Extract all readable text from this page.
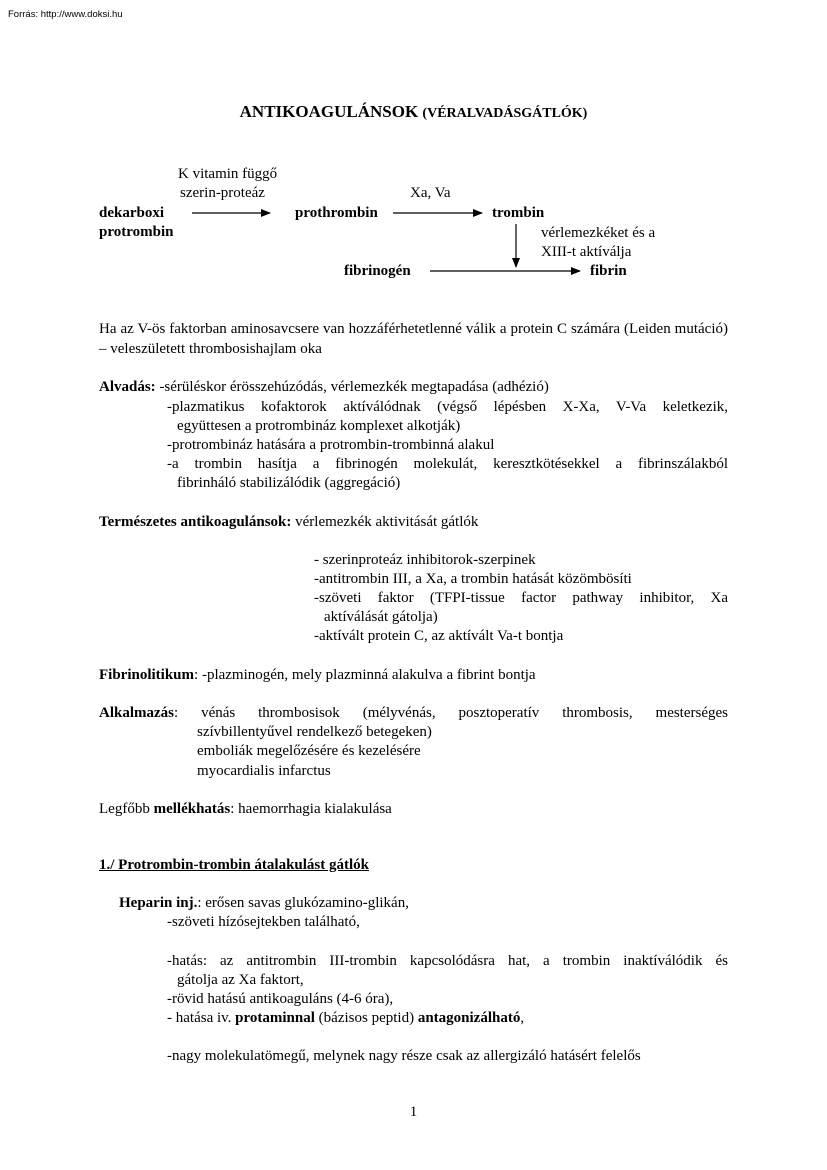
Forrás: http://www.doksi.hu
ANTIKOAGULÁNSOK (VÉRALVADÁSGÁTLÓK)
K vitamin függő
szerin-proteáz	Xa, Va
dekarboxi
protrombin
prothrombin	trombin
vérlemezkéket és a
XIII-t aktíválja
fibrinogén	fibrin
Ha az V-ös faktorban aminosavcsere van hozzáférhetetlenné válik a protein C számára (Leiden mutáció) – veleszületett thrombosishajlam oka
Alvadás: -sérüléskor érösszehúzódás, vérlemezkék megtapadása (adhézió)
-plazmatikus kofaktorok aktíválódnak (végső lépésben X-Xa, V-Va keletkezik,
együttesen a protrombináz komplexet alkotják)
-protrombináz hatására a protrombin-trombinná alakul
-a trombin hasítja a fibrinogén molekulát, keresztkötésekkel a fibrinszálakból
fibrinháló stabilizálódik (aggregáció)
Természetes antikoagulánsok: vérlemezkék aktivitását gátlók
- szerinproteáz inhibitorok-szerpinek
-antitrombin III, a Xa, a trombin hatását közömbösíti
-szöveti faktor (TFPI-tissue factor pathway inhibitor, Xa
aktíválását gátolja)
-aktívált protein C, az aktívált Va-t bontja
Fibrinolitikum: -plazminogén, mely plazminná alakulva a fibrint bontja
Alkalmazás:  vénás  thrombosisok  (mélyvénás,  posztoperatív  thrombosis,  mesterséges
szívbillentyűvel rendelkező betegeken)
emboliák megelőzésére és kezelésére
myocardialis infarctus
Legfőbb mellékhatás: haemorrhagia kialakulása
1./ Protrombin-trombin átalakulást gátlók
Heparin inj.: erősen savas glukózamino-glikán,
-szöveti hízósejtekben található,
-hatás: az antitrombin III-trombin kapcsolódásra hat, a trombin inaktíválódik és
gátolja az Xa faktort,
-rövid hatású antikoaguláns (4-6 óra),
- hatása iv. protaminnal (bázisos peptid) antagonizálható,
-nagy molekulatömegű, melynek nagy része csak az allergizáló hatásért felelős
1
